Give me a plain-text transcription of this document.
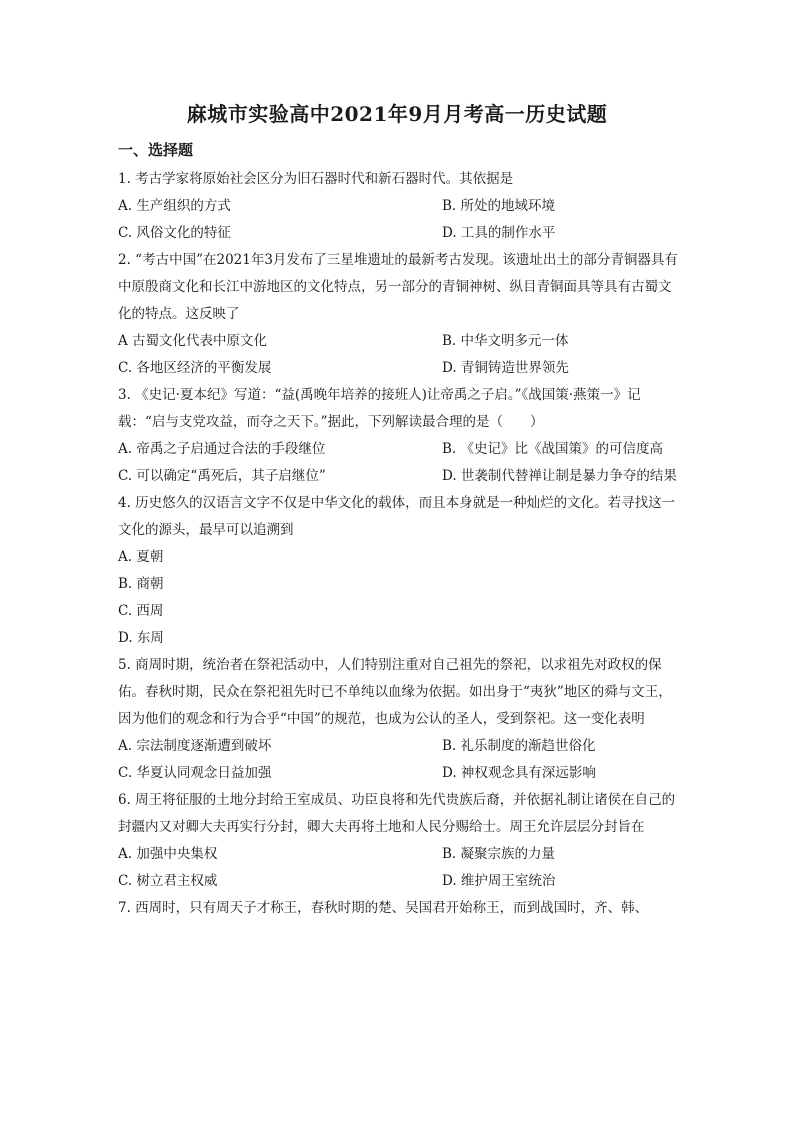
麻城市实验高中2021年9月月考高一历史试题
一、选择题

1. 考古学家将原始社会区分为旧石器时代和新石器时代。其依据是

A. 生产组织的方式	B. 所处的地域环境
C. 风俗文化的特征	D. 工具的制作水平

2. “考古中国”在2021年3月发布了三星堆遗址的最新考古发现。该遗址出土的部分青铜器具有中原殷商文化和长江中游地区的文化特点，另一部分的青铜神树、纵目青铜面具等具有古蜀文化的特点。这反映了

A 古蜀文化代表中原文化	B. 中华文明多元一体
C. 各地区经济的平衡发展	D. 青铜铸造世界领先

3. 《史记·夏本纪》写道：“益(禹晚年培养的接班人)让帝禹之子启。”《战国策·燕策一》记载：“启与支党攻益，而夺之天下。”据此，下列解读最合理的是（　　）

A. 帝禹之子启通过合法的手段继位	B. 《史记》比《战国策》的可信度高
C. 可以确定“禹死后，其子启继位”	D. 世袭制代替禅让制是暴力争夺的结果

4. 历史悠久的汉语言文字不仅是中华文化的载体，而且本身就是一种灿烂的文化。若寻找这一文化的源头，最早可以追溯到

A. 夏朝
B. 商朝
C. 西周
D. 东周

5. 商周时期，统治者在祭祀活动中，人们特别注重对自己祖先的祭祀，以求祖先对政权的保佑。春秋时期，民众在祭祀祖先时已不单纯以血缘为依据。如出身于“夷狄”地区的舜与文王，因为他们的观念和行为合乎“中国”的规范，也成为公认的圣人，受到祭祀。这一变化表明

A. 宗法制度逐渐遭到破坏	B. 礼乐制度的渐趋世俗化
C. 华夏认同观念日益加强	D. 神权观念具有深远影响

6. 周王将征服的土地分封给王室成员、功臣良将和先代贵族后裔，并依据礼制让诸侯在自己的封疆内又对卿大夫再实行分封，卿大夫再将土地和人民分赐给士。周王允许层层分封旨在

A. 加强中央集权	B. 凝聚宗族的力量
C. 树立君主权威	D. 维护周王室统治

7. 西周时，只有周天子才称王，春秋时期的楚、吴国君开始称王，而到战国时，齐、韩、
